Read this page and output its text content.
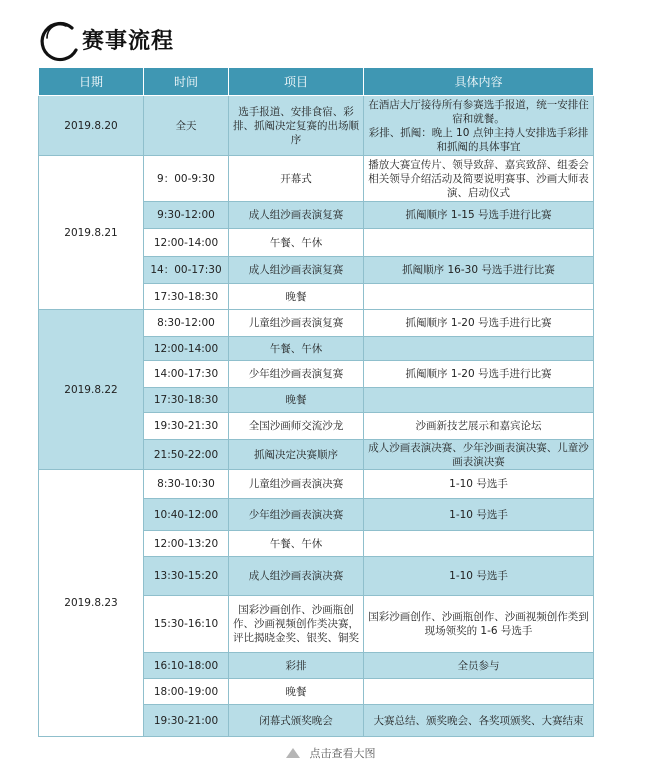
赛事流程
日期	时间	项目	具体内容
2019.8.20	全天	选手报道、安排食宿、彩排、抓阄决定复赛的出场顺序	在酒店大厅接待所有参赛选手报道，统一安排住宿和就餐。
彩排、抓阄：晚上 10 点钟主持人安排选手彩排和抓阄的具体事宜
2019.8.21	9：00-9:30	开幕式	播放大赛宣传片、领导致辞、嘉宾致辞、组委会相关领导介绍活动及简要说明赛事、沙画大师表演、启动仪式
	9:30-12:00	成人组沙画表演复赛	抓阄顺序 1-15 号选手进行比赛
	12:00-14:00	午餐、午休	
	14：00-17:30	成人组沙画表演复赛	抓阄顺序 16-30 号选手进行比赛
	17:30-18:30	晚餐	
2019.8.22	8:30-12:00	儿童组沙画表演复赛	抓阄顺序 1-20 号选手进行比赛
	12:00-14:00	午餐、午休	
	14:00-17:30	少年组沙画表演复赛	抓阄顺序 1-20 号选手进行比赛
	17:30-18:30	晚餐	
	19:30-21:30	全国沙画师交流沙龙	沙画新技艺展示和嘉宾论坛
	21:50-22:00	抓阄决定决赛顺序	成人沙画表演决赛、少年沙画表演决赛、儿童沙画表演决赛
2019.8.23	8:30-10:30	儿童组沙画表演决赛	1-10 号选手
	10:40-12:00	少年组沙画表演决赛	1-10 号选手
	12:00-13:20	午餐、午休	
	13:30-15:20	成人组沙画表演决赛	1-10 号选手
	15:30-16:10	国彩沙画创作、沙画瓶创作、沙画视频创作类决赛，评比揭晓金奖、银奖、铜奖	国彩沙画创作、沙画瓶创作、沙画视频创作类到现场领奖的 1-6 号选手
	16:10-18:00	彩排	全员参与
	18:00-19:00	晚餐	
	19:30-21:00	闭幕式颁奖晚会	大赛总结、颁奖晚会、各奖项颁奖、大赛结束
点击查看大图
